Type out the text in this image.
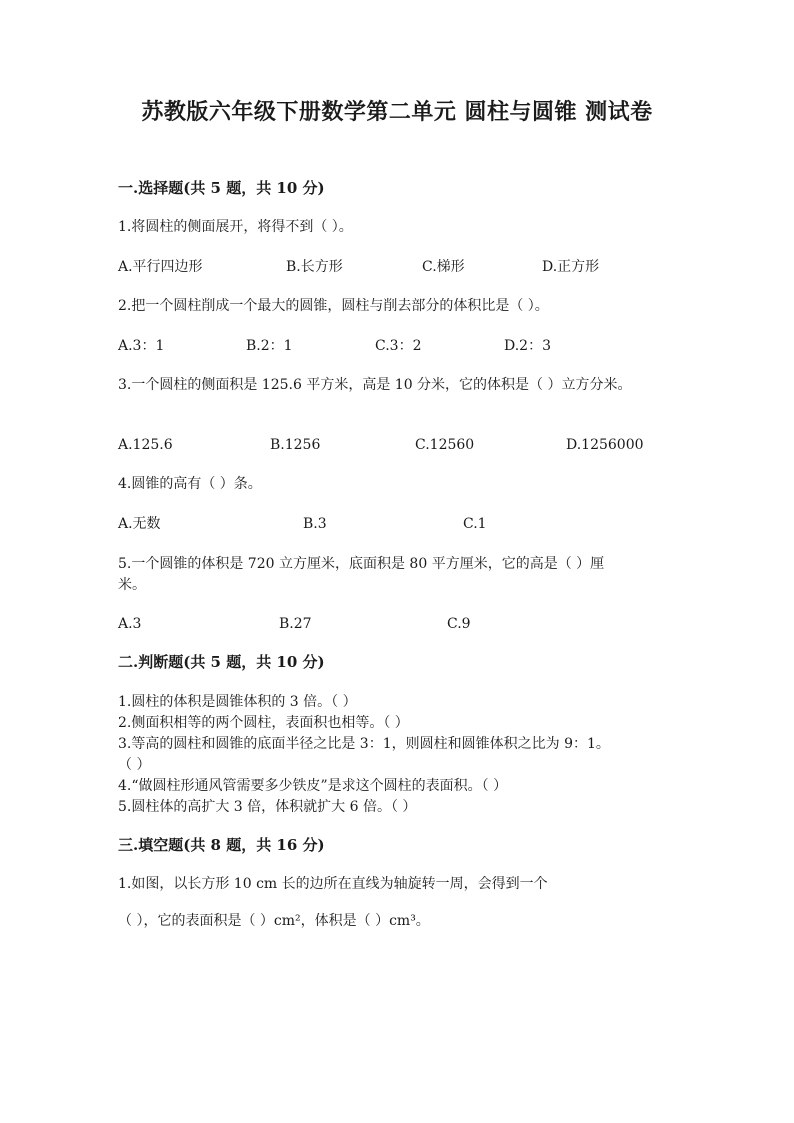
苏教版六年级下册数学第二单元 圆柱与圆锥 测试卷
一.选择题(共 5 题，共 10 分)
1.将圆柱的侧面展开，将得不到（ ）。
A.平行四边形	B.长方形	C.梯形	D.正方形
2.把一个圆柱削成一个最大的圆锥，圆柱与削去部分的体积比是（ ）。
A.3：1	B.2：1	C.3：2	D.2：3
3.一个圆柱的侧面积是 125.6 平方米，高是 10 分米，它的体积是（ ）立方分米。
A.125.6	B.1256	C.12560	D.1256000
4.圆锥的高有（ ）条。
A.无数	B.3	C.1
5.一个圆锥的体积是 720 立方厘米，底面积是 80 平方厘米，它的高是（ ）厘米。
A.3	B.27	C.9
二.判断题(共 5 题，共 10 分)
1.圆柱的体积是圆锥体积的 3 倍。（ ）
2.侧面积相等的两个圆柱，表面积也相等。（ ）
3.等高的圆柱和圆锥的底面半径之比是 3：1，则圆柱和圆锥体积之比为 9：1。
（ ）
4.“做圆柱形通风管需要多少铁皮”是求这个圆柱的表面积。（ ）
5.圆柱体的高扩大 3 倍，体积就扩大 6 倍。（ ）
三.填空题(共 8 题，共 16 分)
1.如图，以长方形 10 cm 长的边所在直线为轴旋转一周，会得到一个
（ ），它的表面积是（ ）cm²，体积是（ ）cm³。
